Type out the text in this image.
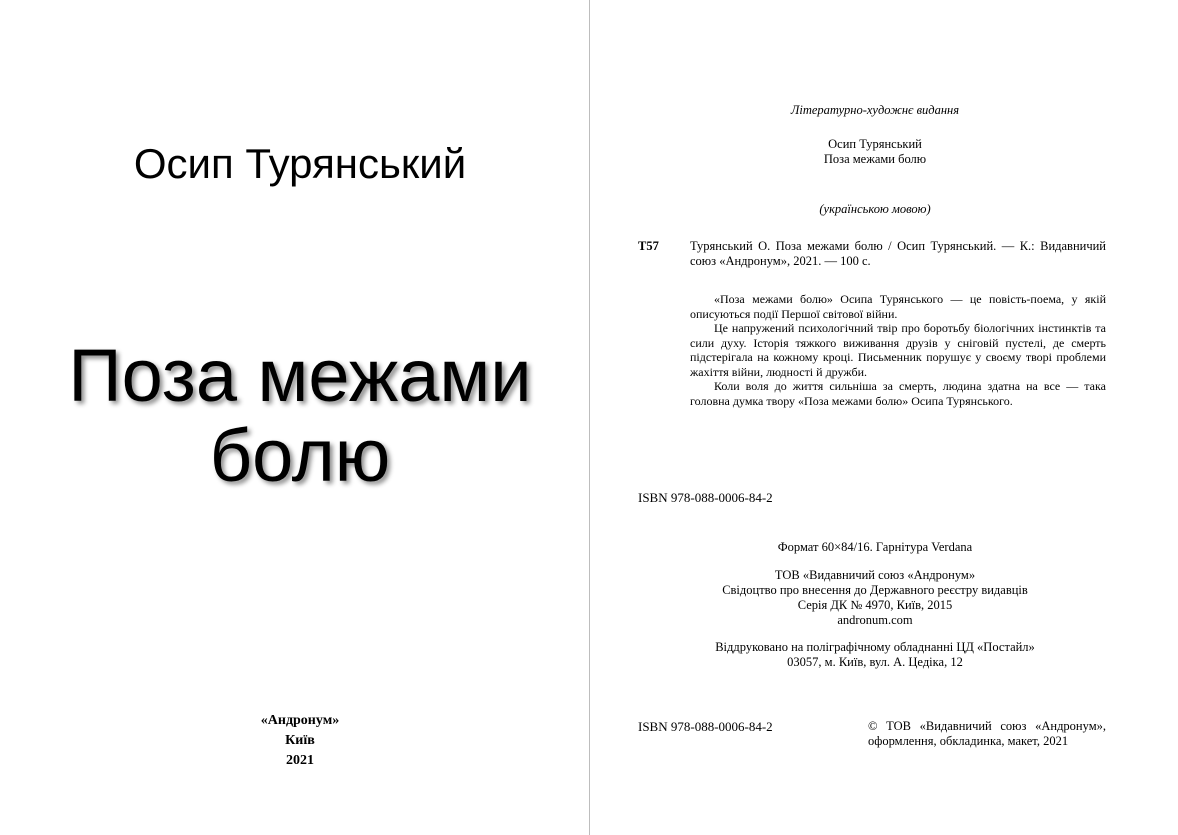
Осип Турянський
Поза межами
болю
«Андронум»
Київ
2021
Літературно-художнє видання
Осип Турянський
Поза межами болю
(українською мовою)
Т57 Турянський О. Поза межами болю / Осип Турянський. — К.: Видавничий союз «Андронум», 2021. — 100 с.

«Поза межами болю» Осипа Турянського — це повість-поема, у якій описуються події Першої світової війни.

Це напружений психологічний твір про боротьбу біологічних інстинктів та сили духу. Історія тяжкого виживання друзів у сніговій пустелі, де смерть підстерігала на кожному кроці. Письменник порушує у своєму творі проблеми жахіття війни, людності й дружби.

Коли воля до життя сильніша за смерть, людина здатна на все — така головна думка твору «Поза межами болю» Осипа Турянського.

ISBN 978-088-0006-84-2
Формат 60×84/16. Гарнітура Verdana
ТОВ «Видавничий союз «Андронум»
Свідоцтво про внесення до Державного реєстру видавців
Серія ДК № 4970, Київ, 2015
andronum.com
Віддруковано на поліграфічному обладнанні ЦД «Постайл»
03057, м. Київ, вул. А. Цедіка, 12
ISBN 978-088-0006-84-2	© ТОВ «Видавничий союз «Андронум», оформлення, обкладинка, макет, 2021
